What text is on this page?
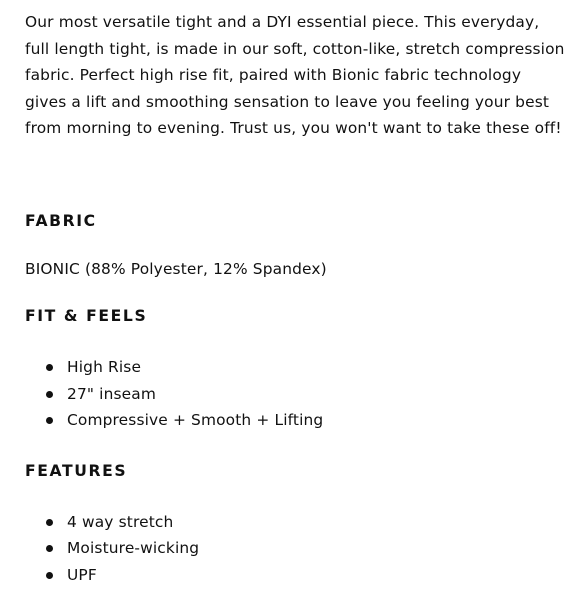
Our most versatile tight and a DYI essential piece. This everyday, full length tight, is made in our soft, cotton-like, stretch compression fabric. Perfect high rise fit, paired with Bionic fabric technology gives a lift and smoothing sensation to leave you feeling your best from morning to evening. Trust us, you won't want to take these off!

FABRIC

BIONIC (88% Polyester, 12% Spandex)

FIT & FEELS
High Rise
27" inseam
Compressive + Smooth + Lifting
FEATURES
4 way stretch
Moisture-wicking
UPF
